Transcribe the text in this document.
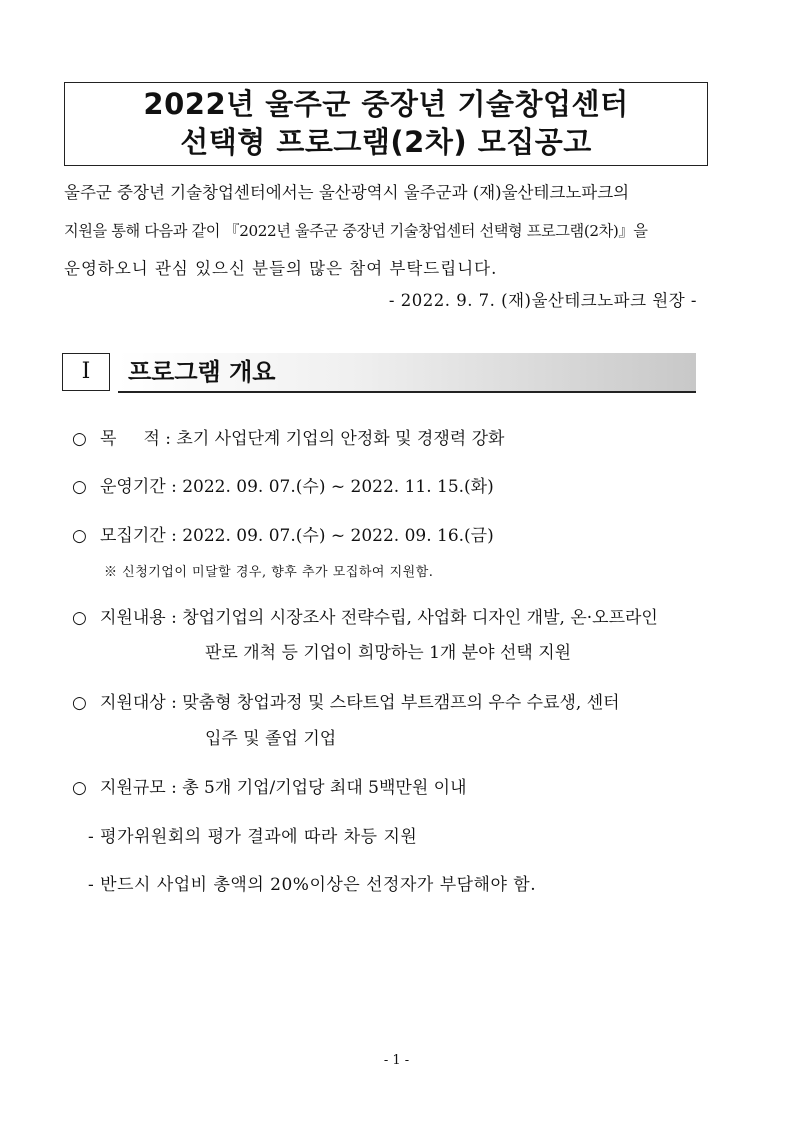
2022년 울주군 중장년 기술창업센터
선택형 프로그램(2차) 모집공고
울주군 중장년 기술창업센터에서는 울산광역시 울주군과 (재)울산테크노파크의
지원을 통해 다음과 같이 『2022년 울주군 중장년 기술창업센터 선택형 프로그램(2차)』을
운영하오니 관심 있으신 분들의 많은 참여 부탁드립니다.
- 2022. 9. 7. (재)울산테크노파크 원장 -
I	프로그램 개요
○ 목     적 : 초기 사업단계 기업의 안정화 및 경쟁력 강화
○ 운영기간 : 2022. 09. 07.(수) ~ 2022. 11. 15.(화)
○ 모집기간 : 2022. 09. 07.(수) ~ 2022. 09. 16.(금)
※ 신청기업이 미달할 경우, 향후 추가 모집하여 지원함.
○ 지원내용 : 창업기업의 시장조사 전략수립, 사업화 디자인 개발, 온·오프라인
판로 개척 등 기업이 희망하는 1개 분야 선택 지원
○ 지원대상 : 맞춤형 창업과정 및 스타트업 부트캠프의 우수 수료생, 센터
입주 및 졸업 기업
○ 지원규모 : 총 5개 기업/기업당 최대 5백만원 이내
- 평가위원회의 평가 결과에 따라 차등 지원
- 반드시 사업비 총액의 20%이상은 선정자가 부담해야 함.
- 1 -
